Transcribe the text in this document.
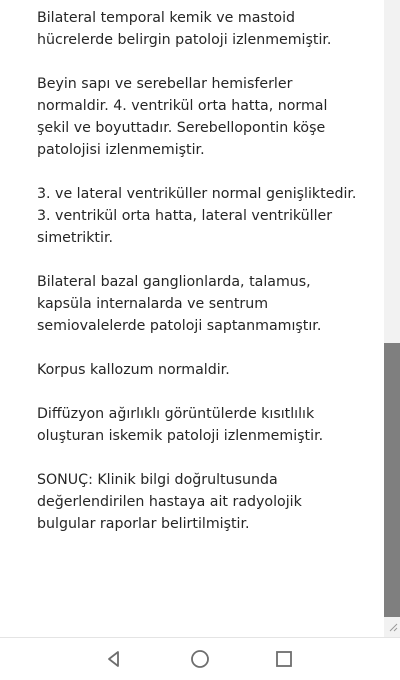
Bilateral temporal kemik ve mastoid
hücrelerde belirgin patoloji izlenmemiştir.

Beyin sapı ve serebellar hemisferler
normaldir. 4. ventrikül orta hatta, normal
şekil ve boyuttadır. Serebellopontin köşe
patolojisi izlenmemiştir.

3. ve lateral ventriküller normal genişliktedir.
3. ventrikül orta hatta, lateral ventriküller
simetriktir.

Bilateral bazal ganglionlarda, talamus,
kapsüla internalarda ve sentrum
semiovalelerde patoloji saptanmamıştır.

Korpus kallozum normaldir.

Diffüzyon ağırlıklı görüntülerde kısıtlılık
oluşturan iskemik patoloji izlenmemiştir.

SONUÇ: Klinik bilgi doğrultusunda
değerlendirilen hastaya ait radyolojik
bulgular raporlar belirtilmiştir.
